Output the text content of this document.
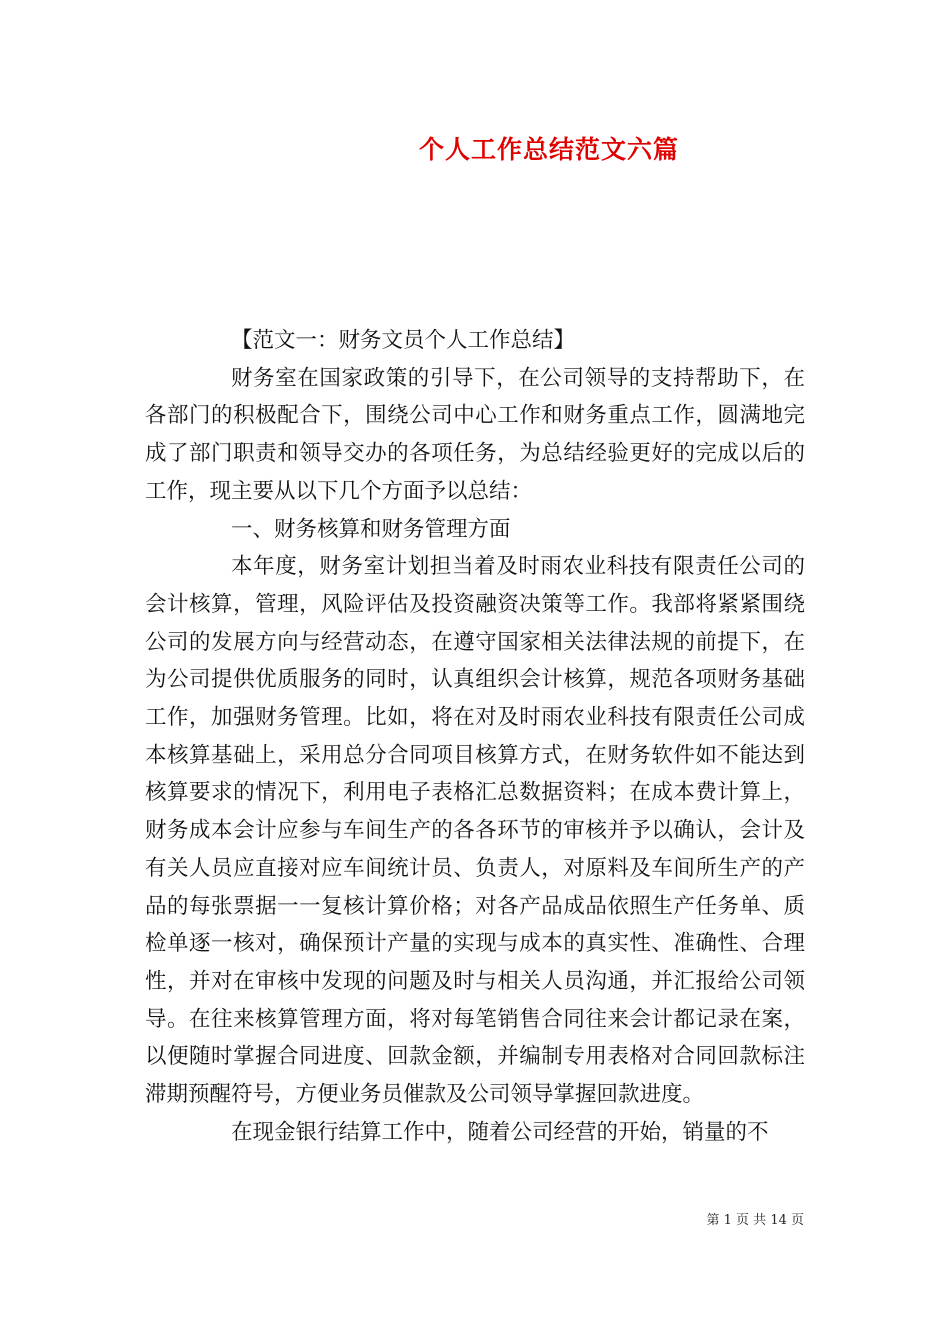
个人工作总结范文六篇

【范文一：财务文员个人工作总结】

财务室在国家政策的引导下，在公司领导的支持帮助下，在各部门的积极配合下，围绕公司中心工作和财务重点工作，圆满地完成了部门职责和领导交办的各项任务，为总结经验更好的完成以后的工作，现主要从以下几个方面予以总结：

一、财务核算和财务管理方面

本年度，财务室计划担当着及时雨农业科技有限责任公司的会计核算，管理，风险评估及投资融资决策等工作。我部将紧紧围绕公司的发展方向与经营动态，在遵守国家相关法律法规的前提下，在为公司提供优质服务的同时，认真组织会计核算，规范各项财务基础工作，加强财务管理。比如，将在对及时雨农业科技有限责任公司成本核算基础上，采用总分合同项目核算方式，在财务软件如不能达到核算要求的情况下，利用电子表格汇总数据资料；在成本费计算上，财务成本会计应参与车间生产的各各环节的审核并予以确认，会计及有关人员应直接对应车间统计员、负责人，对原料及车间所生产的产品的每张票据一一复核计算价格；对各产品成品依照生产任务单、质检单逐一核对，确保预计产量的实现与成本的真实性、准确性、合理性，并对在审核中发现的问题及时与相关人员沟通，并汇报给公司领导。在往来核算管理方面，将对每笔销售合同往来会计都记录在案，以便随时掌握合同进度、回款金额，并编制专用表格对合同回款标注滞期预醒符号，方便业务员催款及公司领导掌握回款进度。

在现金银行结算工作中，随着公司经营的开始，销量的不

第 1 页 共 14 页
